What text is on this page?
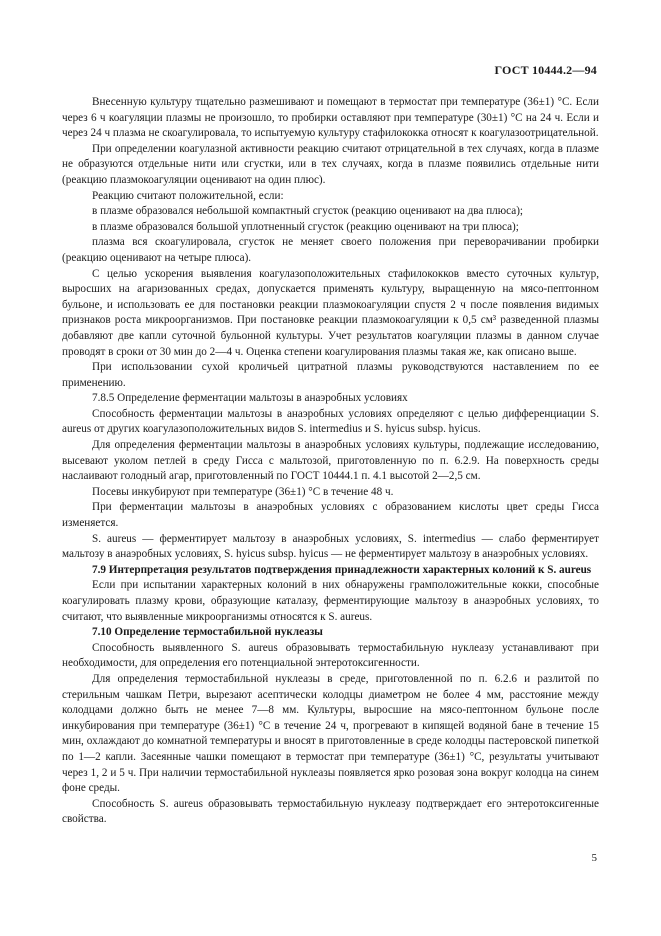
ГОСТ 10444.2—94

Внесенную культуру тщательно размешивают и помещают в термостат при температуре (36±1) °С. Если через 6 ч коагуляции плазмы не произошло, то пробирки оставляют при температуре (30±1) °С на 24 ч. Если и через 24 ч плазма не скоагулировала, то испытуемую культуру стафилококка относят к коагулазоотрицательной.

При определении коагулазной активности реакцию считают отрицательной в тех случаях, когда в плазме не образуются отдельные нити или сгустки, или в тех случаях, когда в плазме появились отдельные нити (реакцию плазмокоагуляции оценивают на один плюс).

Реакцию считают положительной, если:

в плазме образовался небольшой компактный сгусток (реакцию оценивают на два плюса);

в плазме образовался большой уплотненный сгусток (реакцию оценивают на три плюса);

плазма вся скоагулировала, сгусток не меняет своего положения при переворачивании пробирки (реакцию оценивают на четыре плюса).

С целью ускорения выявления коагулазоположительных стафилококков вместо суточных культур, выросших на агаризованных средах, допускается применять культуру, выращенную на мясо-пептонном бульоне, и использовать ее для постановки реакции плазмокоагуляции спустя 2 ч после появления видимых признаков роста микроорганизмов. При постановке реакции плазмокоагуляции к 0,5 см³ разведенной плазмы добавляют две капли суточной бульонной культуры. Учет результатов коагуляции плазмы в данном случае проводят в сроки от 30 мин до 2—4 ч. Оценка степени коагулирования плазмы такая же, как описано выше.

При использовании сухой кроличьей цитратной плазмы руководствуются наставлением по ее применению.

7.8.5 Определение ферментации мальтозы в анаэробных условиях

Способность ферментации мальтозы в анаэробных условиях определяют с целью дифференциации S. aureus от других коагулазоположительных видов S. intermedius и S. hyicus subsp. hyicus.

Для определения ферментации мальтозы в анаэробных условиях культуры, подлежащие исследованию, высевают уколом петлей в среду Гисса с мальтозой, приготовленную по п. 6.2.9. На поверхность среды наслаивают голодный агар, приготовленный по ГОСТ 10444.1 п. 4.1 высотой 2—2,5 см.

Посевы инкубируют при температуре (36±1) °С в течение 48 ч.

При ферментации мальтозы в анаэробных условиях с образованием кислоты цвет среды Гисса изменяется.

S. aureus — ферментирует мальтозу в анаэробных условиях, S. intermedius — слабо ферментирует мальтозу в анаэробных условиях, S. hyicus subsp. hyicus — не ферментирует мальтозу в анаэробных условиях.

7.9 Интерпретация результатов подтверждения принадлежности характерных колоний к S. aureus

Если при испытании характерных колоний в них обнаружены грамположительные кокки, способные коагулировать плазму крови, образующие каталазу, ферментирующие мальтозу в анаэробных условиях, то считают, что выявленные микроорганизмы относятся к S. aureus.

7.10 Определение термостабильной нуклеазы

Способность выявленного S. aureus образовывать термостабильную нуклеазу устанавливают при необходимости, для определения его потенциальной энтеротоксигенности.

Для определения термостабильной нуклеазы в среде, приготовленной по п. 6.2.6 и разлитой по стерильным чашкам Петри, вырезают асептически колодцы диаметром не более 4 мм, расстояние между колодцами должно быть не менее 7—8 мм. Культуры, выросшие на мясо-пептонном бульоне после инкубирования при температуре (36±1) °С в течение 24 ч, прогревают в кипящей водяной бане в течение 15 мин, охлаждают до комнатной температуры и вносят в приготовленные в среде колодцы пастеровской пипеткой по 1—2 капли. Засеянные чашки помещают в термостат при температуре (36±1) °С, результаты учитывают через 1, 2 и 5 ч. При наличии термостабильной нуклеазы появляется ярко розовая зона вокруг колодца на синем фоне среды.

Способность S. aureus образовывать термостабильную нуклеазу подтверждает его энтеротоксигенные свойства.

5
